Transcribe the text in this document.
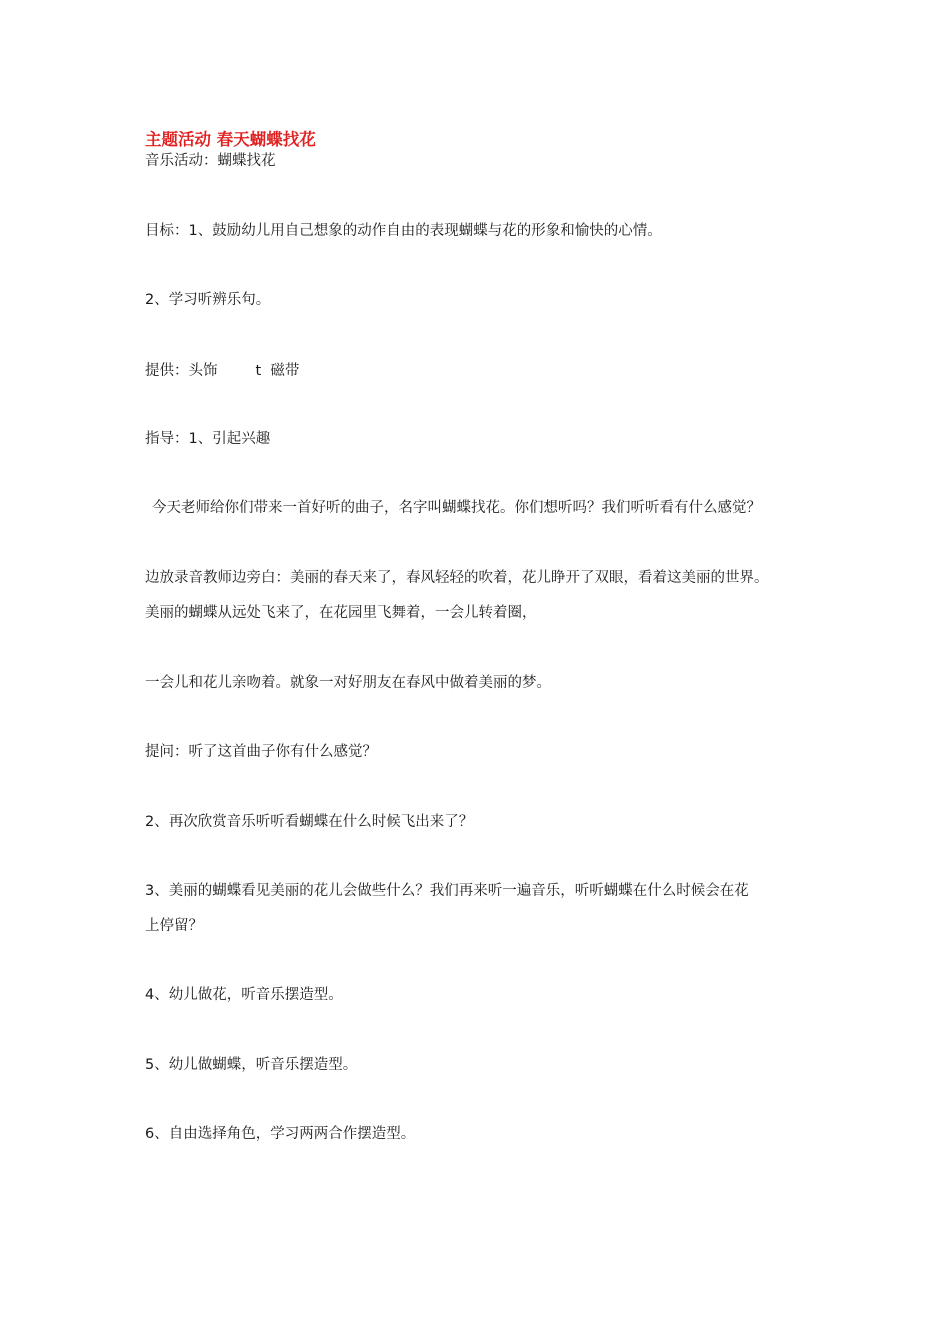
主题活动 春天蝴蝶找花
音乐活动：蝴蝶找花
目标：1、鼓励幼儿用自己想象的动作自由的表现蝴蝶与花的形象和愉快的心情。
2、学习听辨乐句。
提供：头饰	t 磁带
指导：1、引起兴趣
今天老师给你们带来一首好听的曲子，名字叫蝴蝶找花。你们想听吗？我们听听看有什么感觉？
边放录音教师边旁白：美丽的春天来了，春风轻轻的吹着，花儿睁开了双眼，看着这美丽的世界。
美丽的蝴蝶从远处飞来了，在花园里飞舞着，一会儿转着圈，
一会儿和花儿亲吻着。就象一对好朋友在春风中做着美丽的梦。
提问：听了这首曲子你有什么感觉？
2、再次欣赏音乐听听看蝴蝶在什么时候飞出来了？
3、美丽的蝴蝶看见美丽的花儿会做些什么？我们再来听一遍音乐，听听蝴蝶在什么时候会在花
上停留？
4、幼儿做花，听音乐摆造型。
5、幼儿做蝴蝶，听音乐摆造型。
6、自由选择角色，学习两两合作摆造型。
